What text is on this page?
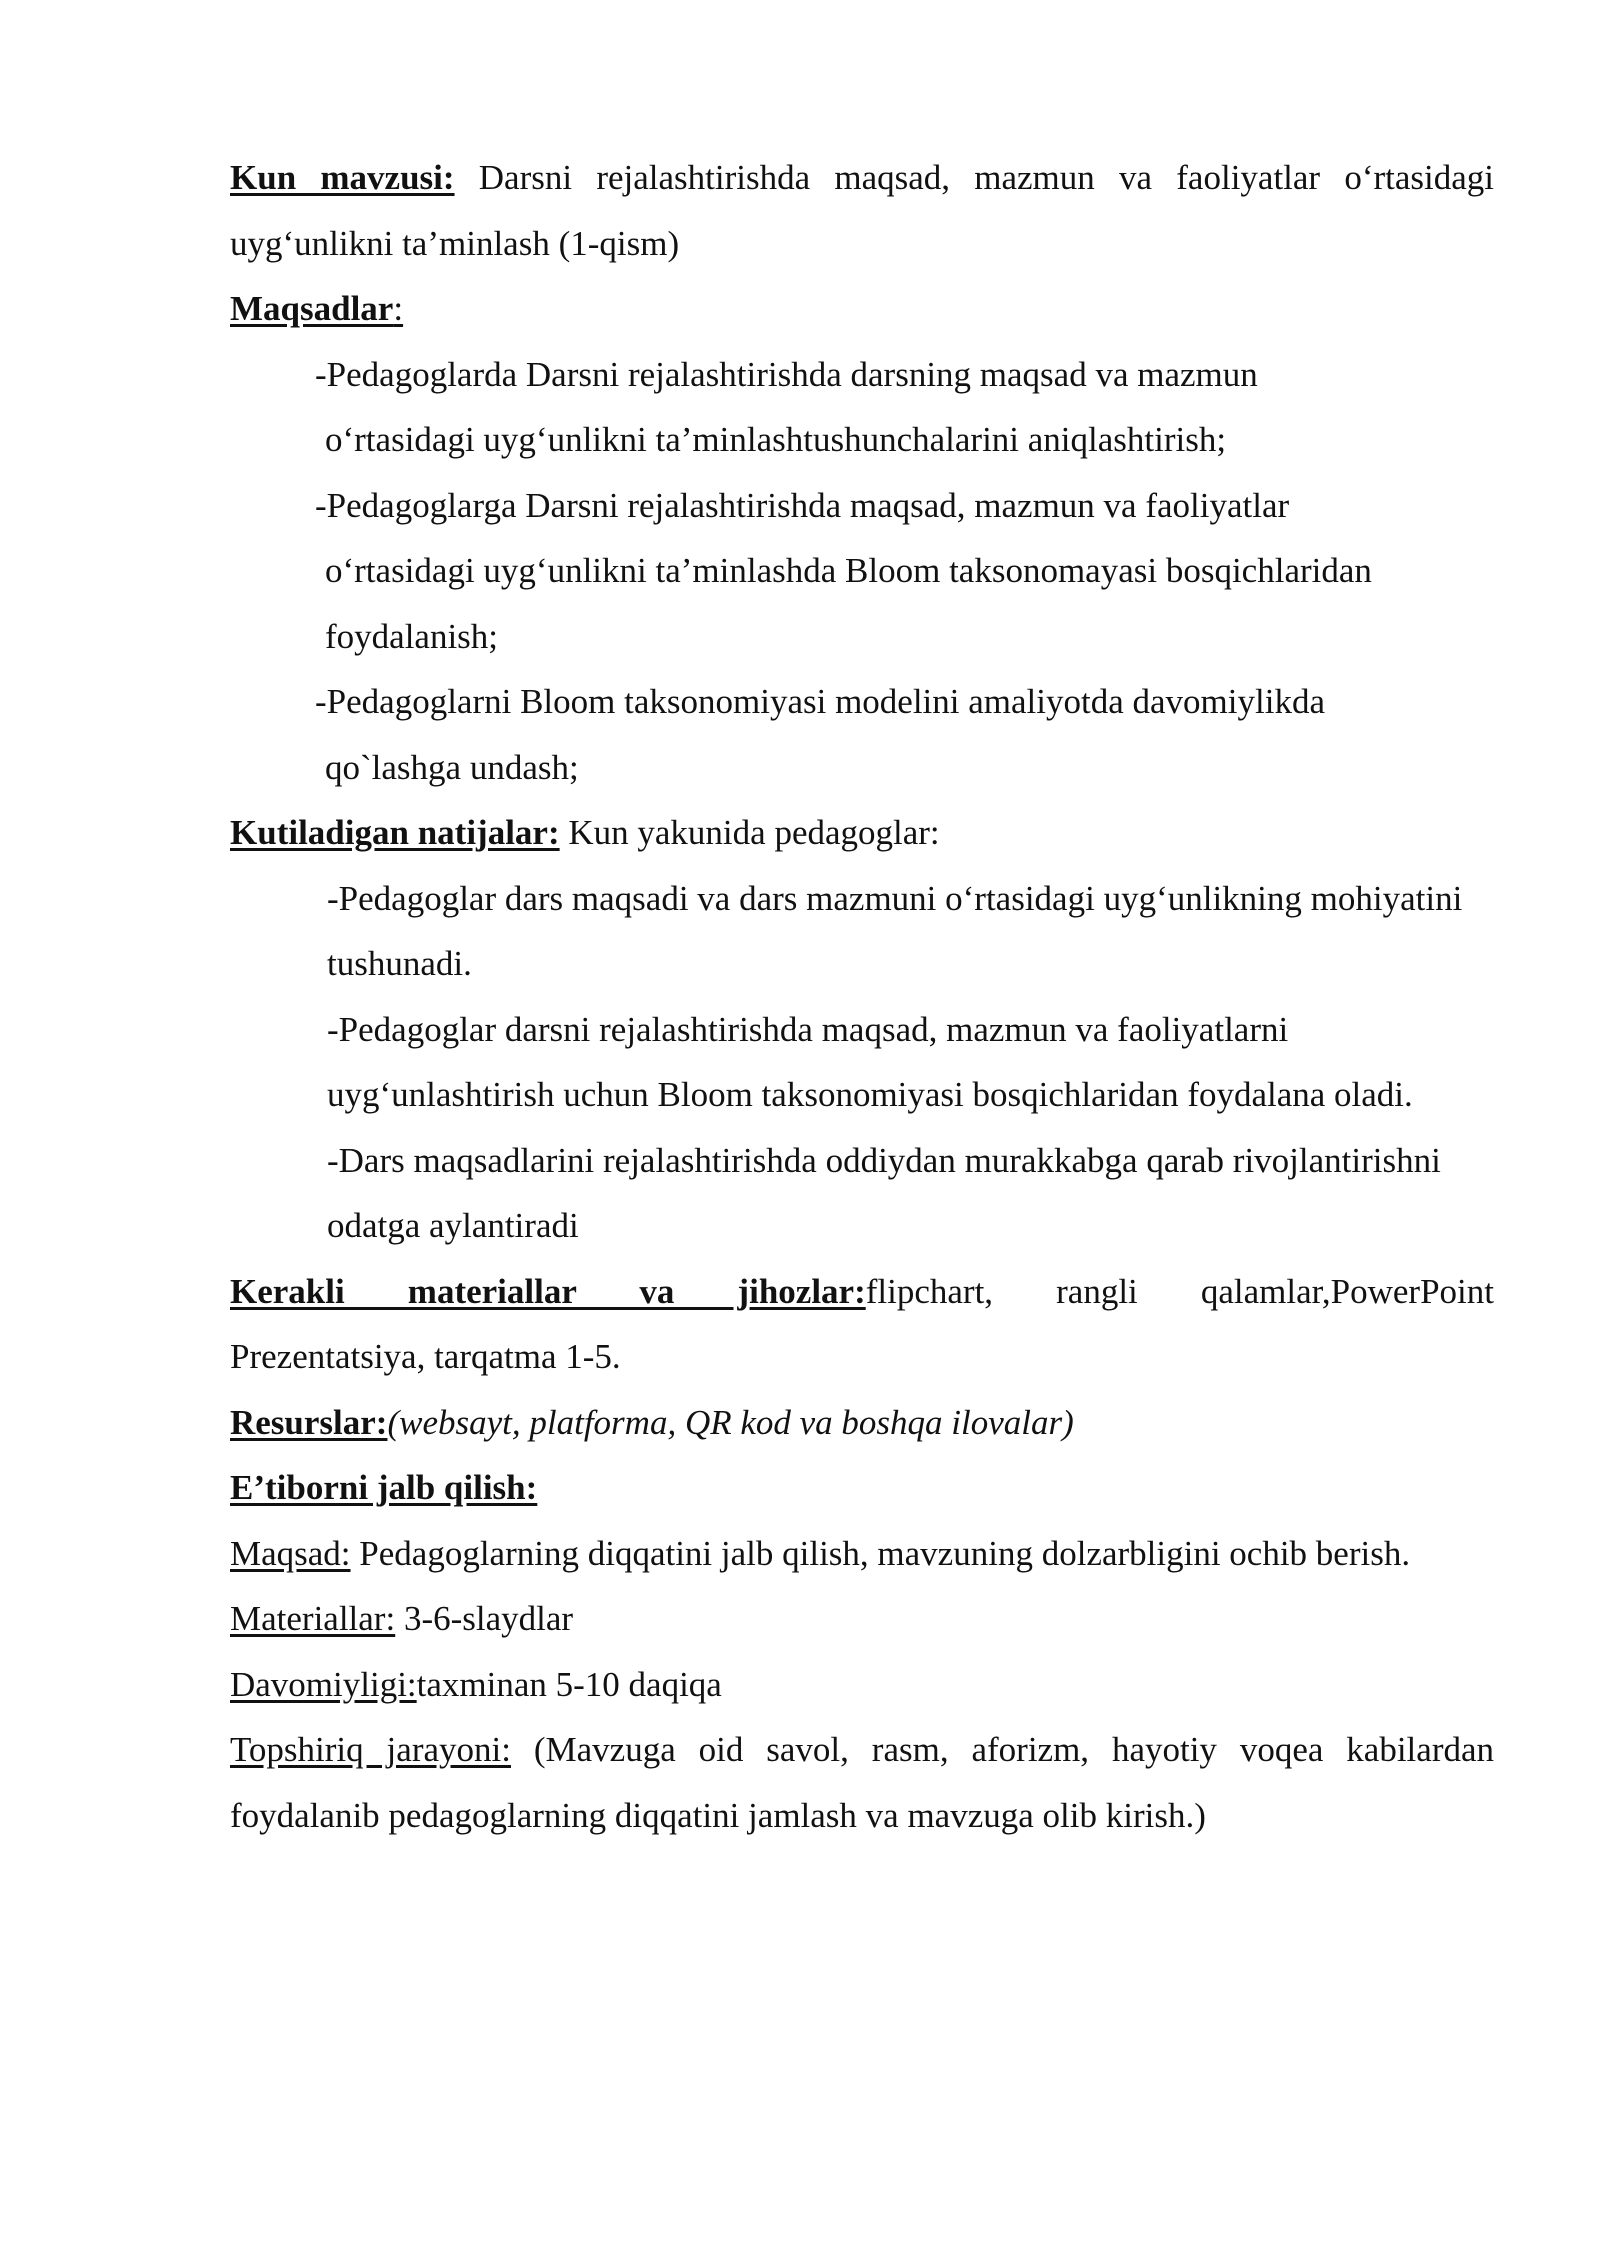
Kun mavzusi: Darsni rejalashtirishda maqsad, mazmun va faoliyatlar o‘rtasidagi uyg‘unlikni ta’minlash (1-qism)

Maqsadlar:

-Pedagoglarda Darsni rejalashtirishda darsning maqsad va mazmun
o‘rtasidagi uyg‘unlikni ta’minlashtushunchalarini aniqlashtirish;

-Pedagoglarga Darsni rejalashtirishda maqsad, mazmun va faoliyatlar
o‘rtasidagi uyg‘unlikni ta’minlashda Bloom taksonomayasi bosqichlaridan foydalanish;

-Pedagoglarni Bloom taksonomiyasi modelini amaliyotda davomiylikda
qo`lashga undash;

Kutiladigan natijalar: Kun yakunida pedagoglar:

-Pedagoglar dars maqsadi va dars mazmuni o‘rtasidagi uyg‘unlikning mohiyatini tushunadi.

-Pedagoglar darsni rejalashtirishda maqsad, mazmun va faoliyatlarni uyg‘unlashtirish uchun Bloom taksonomiyasi bosqichlaridan foydalana oladi.

-Dars maqsadlarini rejalashtirishda oddiydan murakkabga qarab rivojlantirishni odatga aylantiradi

Kerakli materiallar va jihozlar:flipchart, rangli qalamlar,PowerPoint

Prezentatsiya, tarqatma 1-5.

Resurslar:(websayt, platforma, QR kod va boshqa ilovalar)

E’tiborni jalb qilish:

Maqsad: Pedagoglarning diqqatini jalb qilish, mavzuning dolzarbligini ochib berish.

Materiallar: 3-6-slaydlar

Davomiyligi:taxminan 5-10 daqiqa

Topshiriq jarayoni: (Mavzuga oid savol, rasm, aforizm, hayotiy voqea kabilardan foydalanib pedagoglarning diqqatini jamlash va mavzuga olib kirish.)
